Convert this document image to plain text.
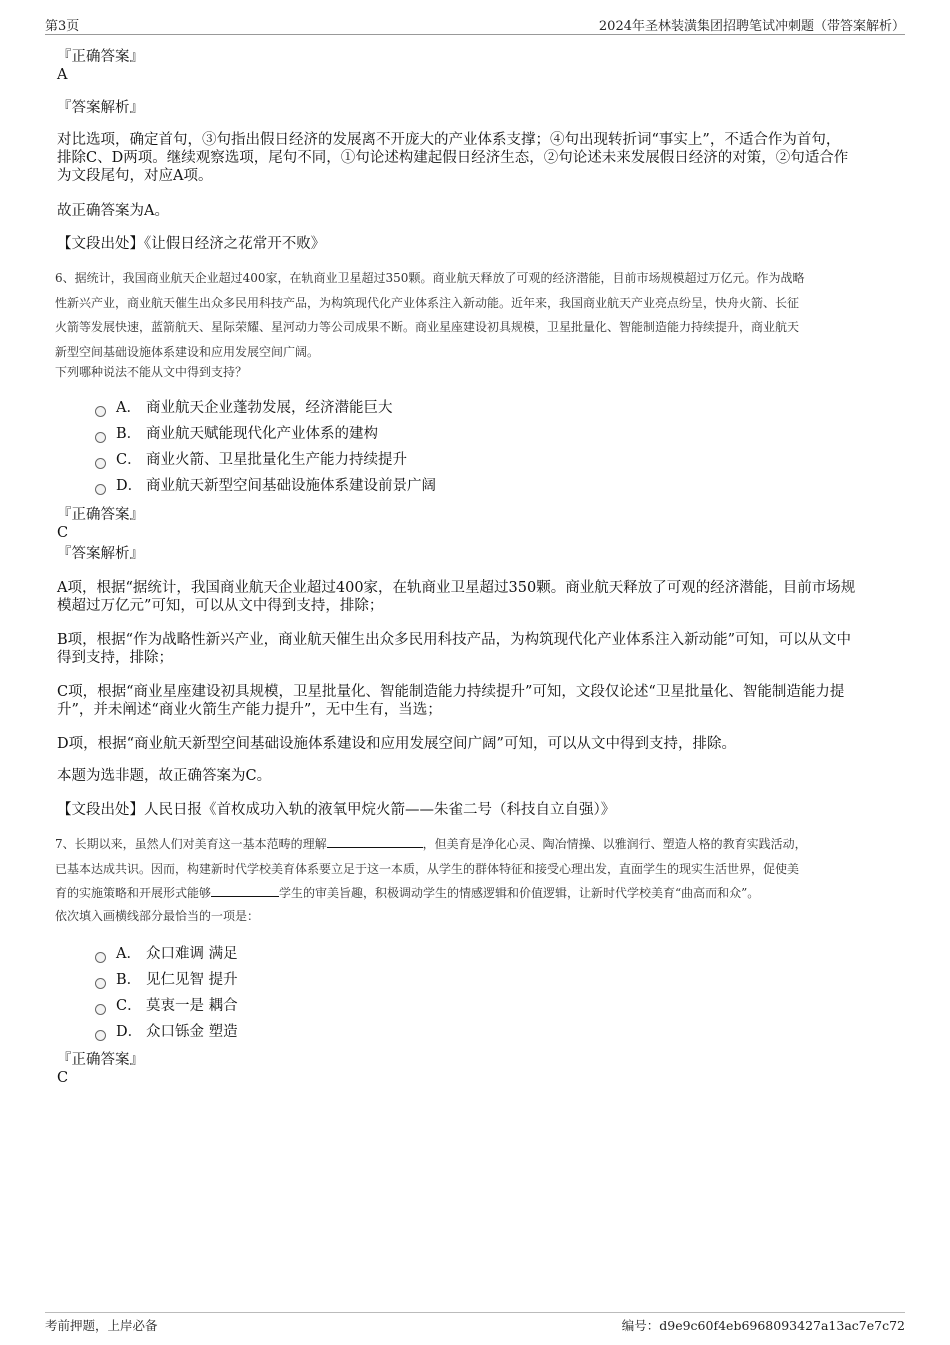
第3页	2024年圣林装潢集团招聘笔试冲刺题（带答案解析）
『正确答案』
A
『答案解析』
对比选项，确定首句，③句指出假日经济的发展离不开庞大的产业体系支撑；④句出现转折词“事实上”，不适合作为首句，
排除C、D两项。继续观察选项，尾句不同，①句论述构建起假日经济生态，②句论述未来发展假日经济的对策，②句适合作
为文段尾句，对应A项。
故正确答案为A。
【文段出处】《让假日经济之花常开不败》
6、据统计，我国商业航天企业超过400家，在轨商业卫星超过350颗。商业航天释放了可观的经济潜能，目前市场规模超过万亿元。作为战略
性新兴产业，商业航天催生出众多民用科技产品，为构筑现代化产业体系注入新动能。近年来，我国商业航天产业亮点纷呈，快舟火箭、长征
火箭等发展快速，蓝箭航天、星际荣耀、星河动力等公司成果不断。商业星座建设初具规模，卫星批量化、智能制造能力持续提升，商业航天
新型空间基础设施体系建设和应用发展空间广阔。
下列哪种说法不能从文中得到支持？
A． 商业航天企业蓬勃发展，经济潜能巨大
B． 商业航天赋能现代化产业体系的建构
C． 商业火箭、卫星批量化生产能力持续提升
D． 商业航天新型空间基础设施体系建设前景广阔
『正确答案』
C
『答案解析』
A项，根据“据统计，我国商业航天企业超过400家，在轨商业卫星超过350颗。商业航天释放了可观的经济潜能，目前市场规
模超过万亿元”可知，可以从文中得到支持，排除；
B项，根据“作为战略性新兴产业，商业航天催生出众多民用科技产品，为构筑现代化产业体系注入新动能”可知，可以从文中
得到支持，排除；
C项，根据“商业星座建设初具规模，卫星批量化、智能制造能力持续提升”可知，文段仅论述“卫星批量化、智能制造能力提
升”，并未阐述“商业火箭生产能力提升”，无中生有，当选；
D项，根据“商业航天新型空间基础设施体系建设和应用发展空间广阔”可知，可以从文中得到支持，排除。
本题为选非题，故正确答案为C。
【文段出处】人民日报《首枚成功入轨的液氧甲烷火箭——朱雀二号（科技自立自强）》
7、长期以来，虽然人们对美育这一基本范畴的理解	，但美育是净化心灵、陶冶情操、以雅润行、塑造人格的教育实践活动，
已基本达成共识。因而，构建新时代学校美育体系要立足于这一本质，从学生的群体特征和接受心理出发，直面学生的现实生活世界，促使美
育的实施策略和开展形式能够	学生的审美旨趣，积极调动学生的情感逻辑和价值逻辑，让新时代学校美育“曲高而和众”。
依次填入画横线部分最恰当的一项是：
A． 众口难调 满足
B． 见仁见智 提升
C． 莫衷一是 耦合
D． 众口铄金 塑造
『正确答案』
C
考前押题，上岸必备	编号：d9e9c60f4eb6968093427a13ac7e7c72
